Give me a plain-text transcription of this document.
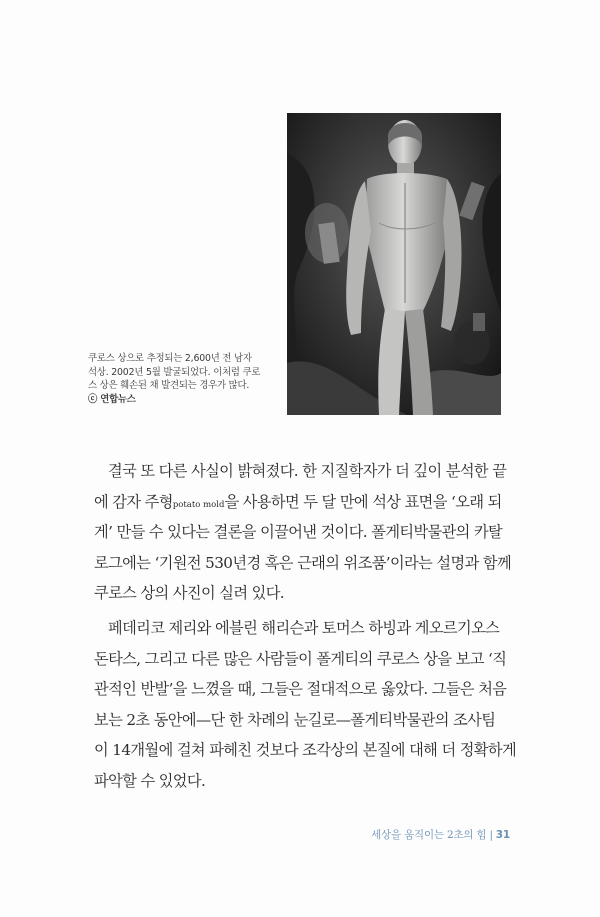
쿠로스 상으로 추정되는 2,600년 전 남자
석상. 2002년 5월 발굴되었다. 이처럼 쿠로
스 상은 훼손된 채 발견되는 경우가 많다.
ⓒ 연합뉴스
결국 또 다른 사실이 밝혀졌다. 한 지질학자가 더 깊이 분석한 끝
에 감자 주형potato mold을 사용하면 두 달 만에 석상 표면을 ‘오래 되
게’ 만들 수 있다는 결론을 이끌어낸 것이다. 폴게티박물관의 카탈
로그에는 ‘기원전 530년경 혹은 근래의 위조품’이라는 설명과 함께
쿠로스 상의 사진이 실려 있다.
페데리코 제리와 에블린 해리슨과 토머스 하빙과 게오르기오스
돈타스, 그리고 다른 많은 사람들이 폴게티의 쿠로스 상을 보고 ‘직
관적인 반발’을 느꼈을 때, 그들은 절대적으로 옳았다. 그들은 처음
보는 2초 동안에—단 한 차례의 눈길로—폴게티박물관의 조사팀
이 14개월에 걸쳐 파헤친 것보다 조각상의 본질에 대해 더 정확하게
파악할 수 있었다.
세상을 움직이는 2초의 힘 | 31
